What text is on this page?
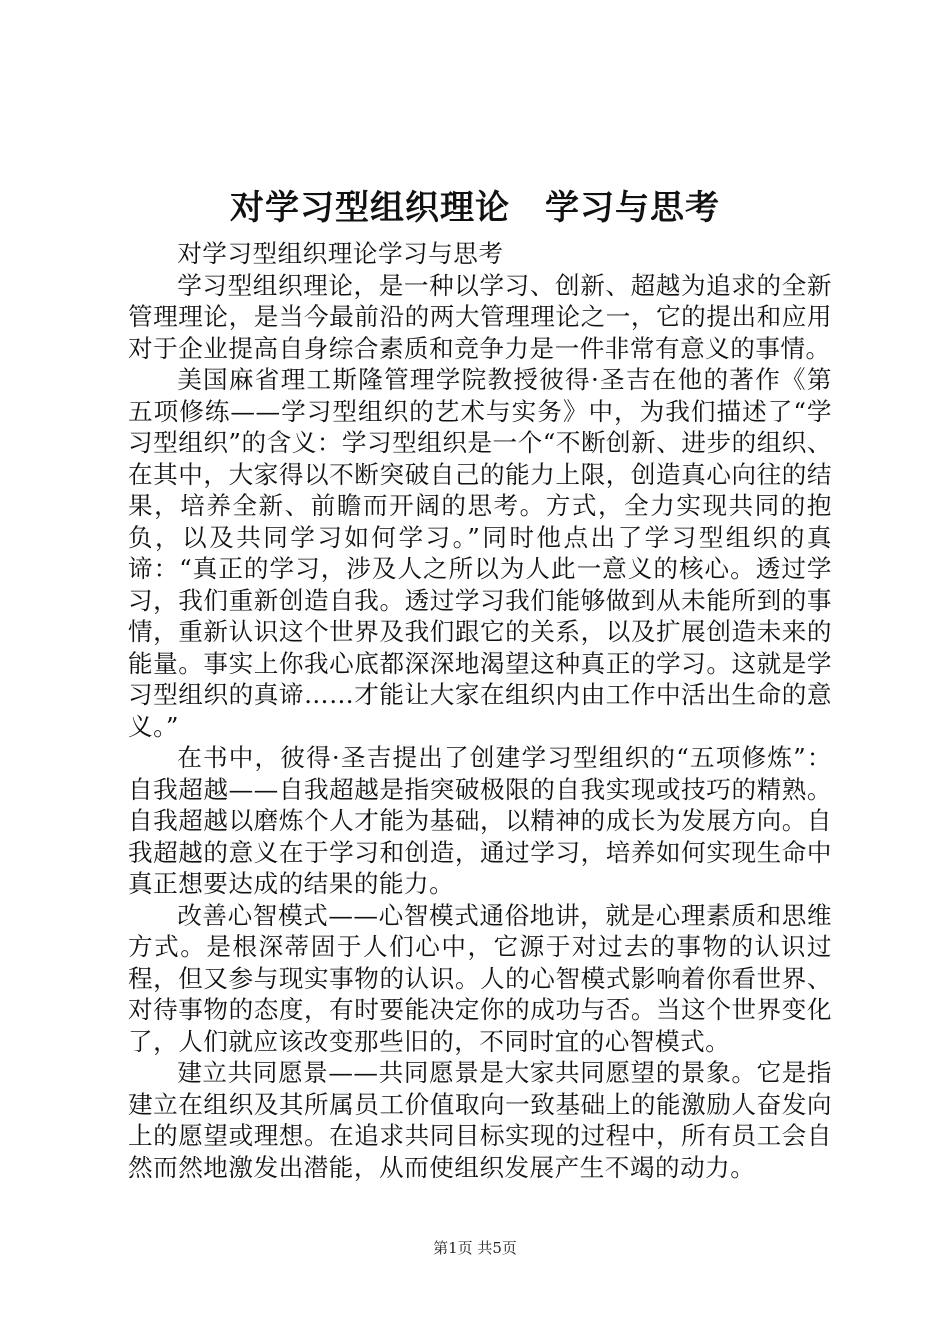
对学习型组织理论　学习与思考

对学习型组织理论学习与思考

学习型组织理论，是一种以学习、创新、超越为追求的全新管理理论，是当今最前沿的两大管理理论之一，它的提出和应用对于企业提高自身综合素质和竞争力是一件非常有意义的事情。

美国麻省理工斯隆管理学院教授彼得·圣吉在他的著作《第五项修练——学习型组织的艺术与实务》中，为我们描述了“学习型组织”的含义：学习型组织是一个“不断创新、进步的组织、在其中，大家得以不断突破自己的能力上限，创造真心向往的结果，培养全新、前瞻而开阔的思考。方式，全力实现共同的抱负，以及共同学习如何学习。”同时他点出了学习型组织的真谛：“真正的学习，涉及人之所以为人此一意义的核心。透过学习，我们重新创造自我。透过学习我们能够做到从未能所到的事情，重新认识这个世界及我们跟它的关系，以及扩展创造未来的能量。事实上你我心底都深深地渴望这种真正的学习。这就是学习型组织的真谛……才能让大家在组织内由工作中活出生命的意义。”

在书中，彼得·圣吉提出了创建学习型组织的“五项修炼”：自我超越——自我超越是指突破极限的自我实现或技巧的精熟。自我超越以磨炼个人才能为基础，以精神的成长为发展方向。自我超越的意义在于学习和创造，通过学习，培养如何实现生命中真正想要达成的结果的能力。

改善心智模式——心智模式通俗地讲，就是心理素质和思维方式。是根深蒂固于人们心中，它源于对过去的事物的认识过程，但又参与现实事物的认识。人的心智模式影响着你看世界、对待事物的态度，有时要能决定你的成功与否。当这个世界变化了，人们就应该改变那些旧的，不同时宜的心智模式。

建立共同愿景——共同愿景是大家共同愿望的景象。它是指建立在组织及其所属员工价值取向一致基础上的能激励人奋发向上的愿望或理想。在追求共同目标实现的过程中，所有员工会自然而然地激发出潜能，从而使组织发展产生不竭的动力。

第1页 共5页
